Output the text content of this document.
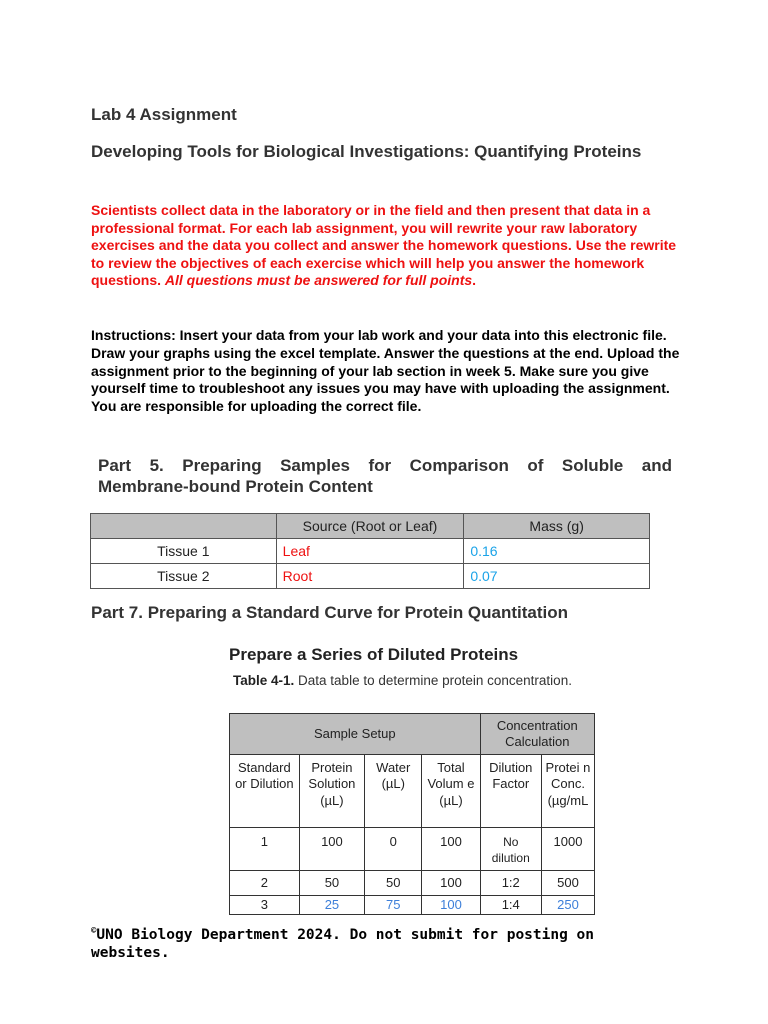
Lab 4 Assignment
Developing Tools for Biological Investigations: Quantifying Proteins
Scientists collect data in the laboratory or in the field and then present that data in a professional format. For each lab assignment, you will rewrite your raw laboratory exercises and the data you collect and answer the homework questions. Use the rewrite to review the objectives of each exercise which will help you answer the homework questions. All questions must be answered for full points.
Instructions: Insert your data from your lab work and your data into this electronic file. Draw your graphs using the excel template. Answer the questions at the end. Upload the assignment prior to the beginning of your lab section in week 5. Make sure you give yourself time to troubleshoot any issues you may have with uploading the assignment. You are responsible for uploading the correct file.
Part 5. Preparing Samples for Comparison of Soluble and
Membrane-bound Protein Content
	Source (Root or Leaf)	Mass (g)
Tissue 1	Leaf	0.16
Tissue 2	Root	0.07
Part 7. Preparing a Standard Curve for Protein Quantitation
Prepare a Series of Diluted Proteins
Table 4-1. Data table to determine protein concentration.
Sample Setup				Concentration Calculation	
Standard or Dilution	Protein Solution (µL)	Water (µL)	Total Volum e (µL)	Dilution Factor	Protei n Conc. (µg/mL
1	100	0	100	No dilution	1000
2	50	50	100	1:2	500
3	25	75	100	1:4	250
©UNO Biology Department 2024. Do not submit for posting on websites.
